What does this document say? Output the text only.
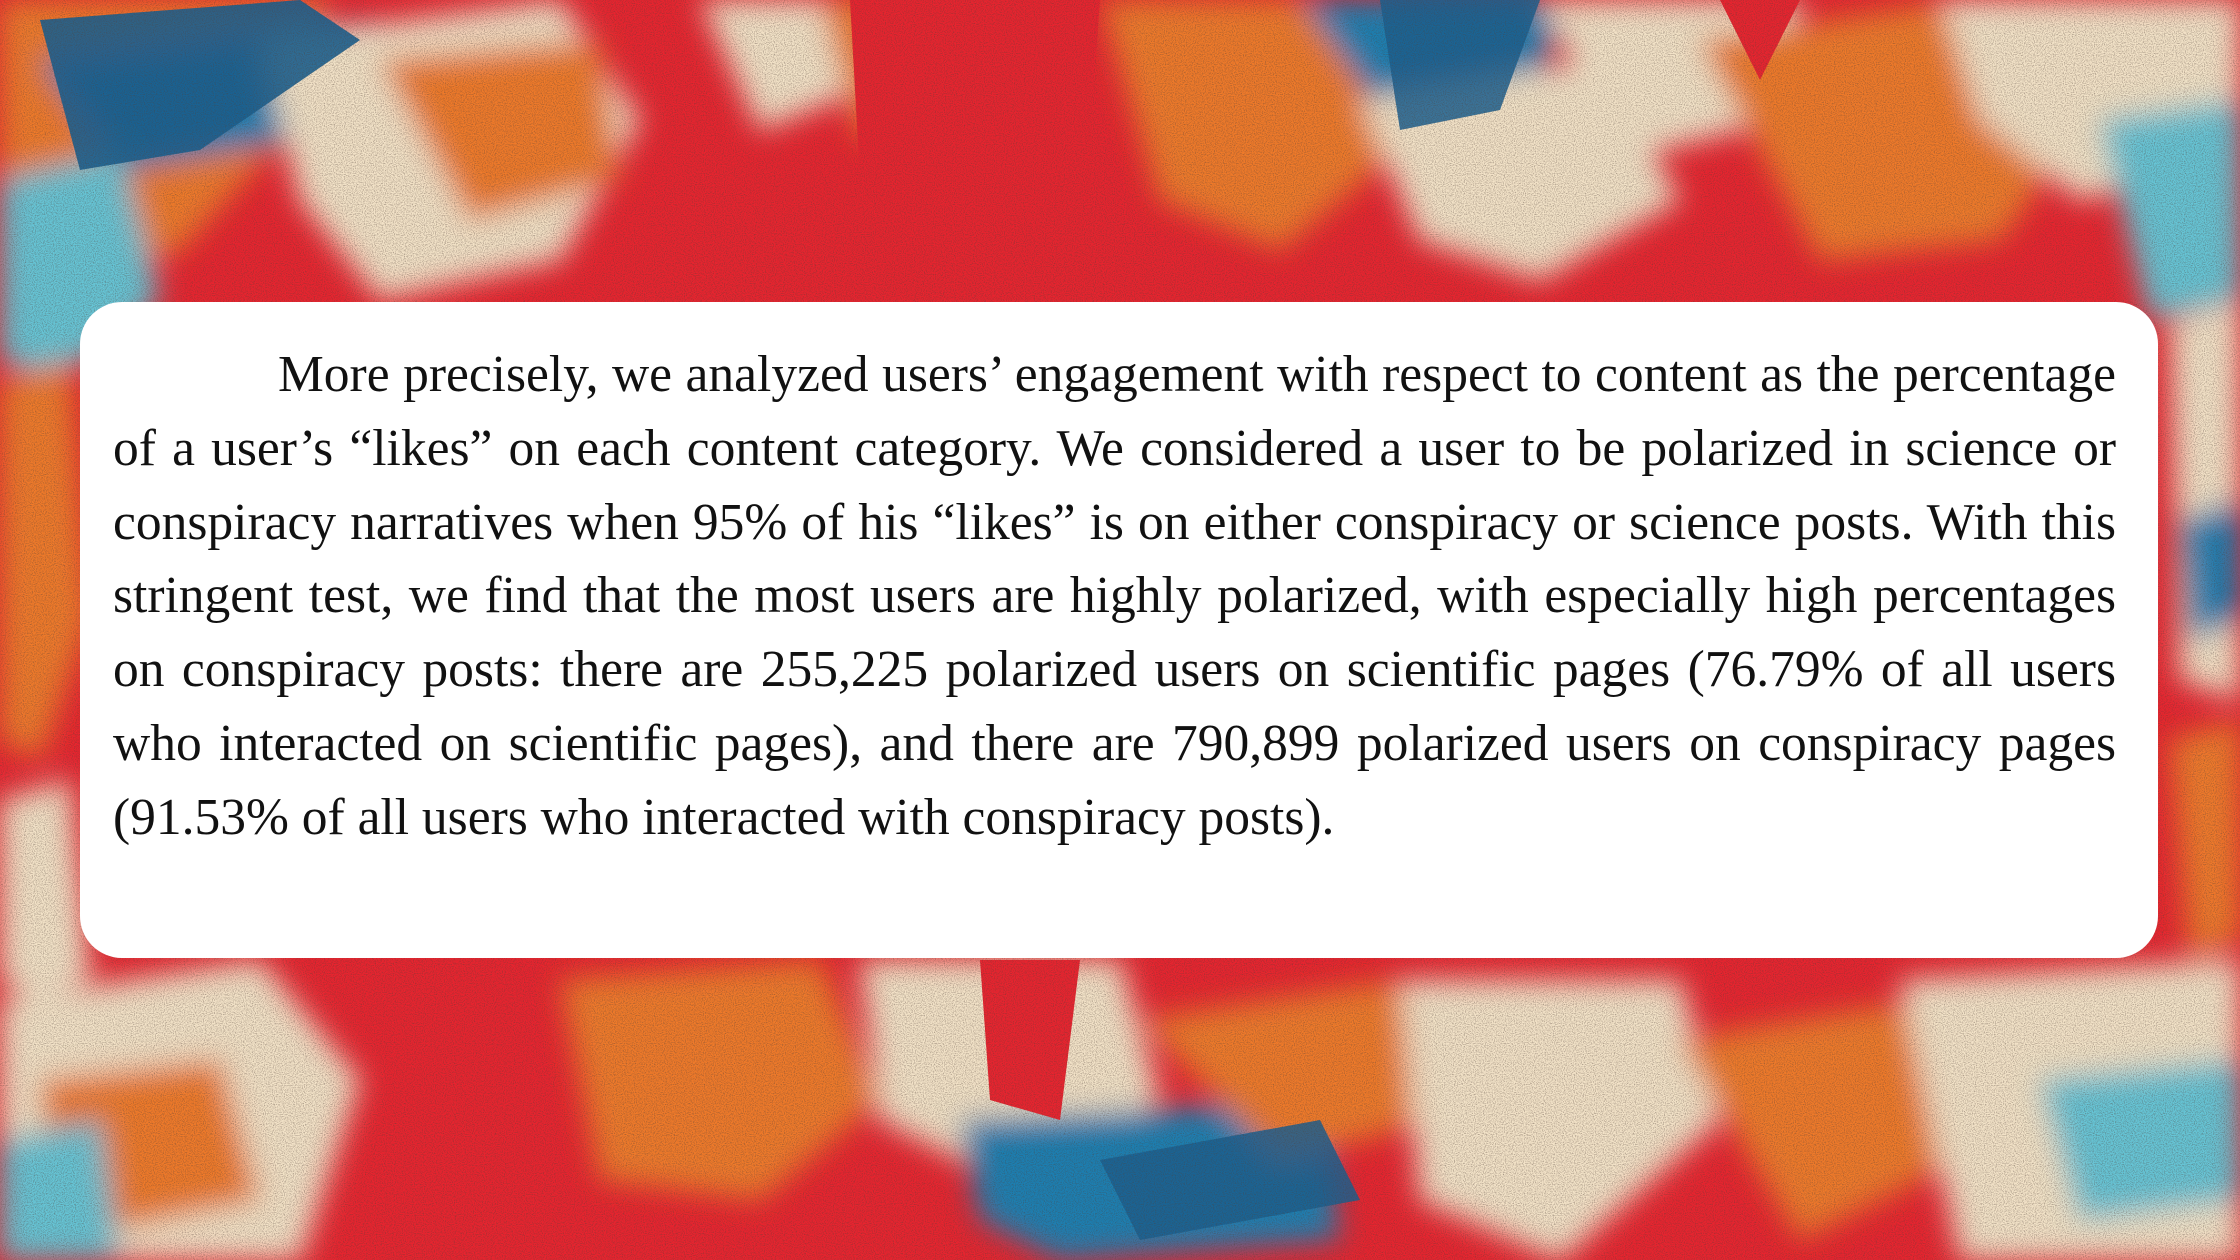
More precisely, we analyzed users’ engagement with respect to content as the percentage of a user’s “likes” on each content category. We considered a user to be polarized in science or conspiracy narratives when 95% of his “likes” is on either conspiracy or science posts. With this stringent test, we find that the most users are highly polarized, with especially high percentages on conspiracy posts: there are 255,225 polarized users on scientific pages (76.79% of all users who interacted on scientific pages), and there are 790,899 polarized users on conspiracy pages (91.53% of all users who interacted with conspiracy posts).
